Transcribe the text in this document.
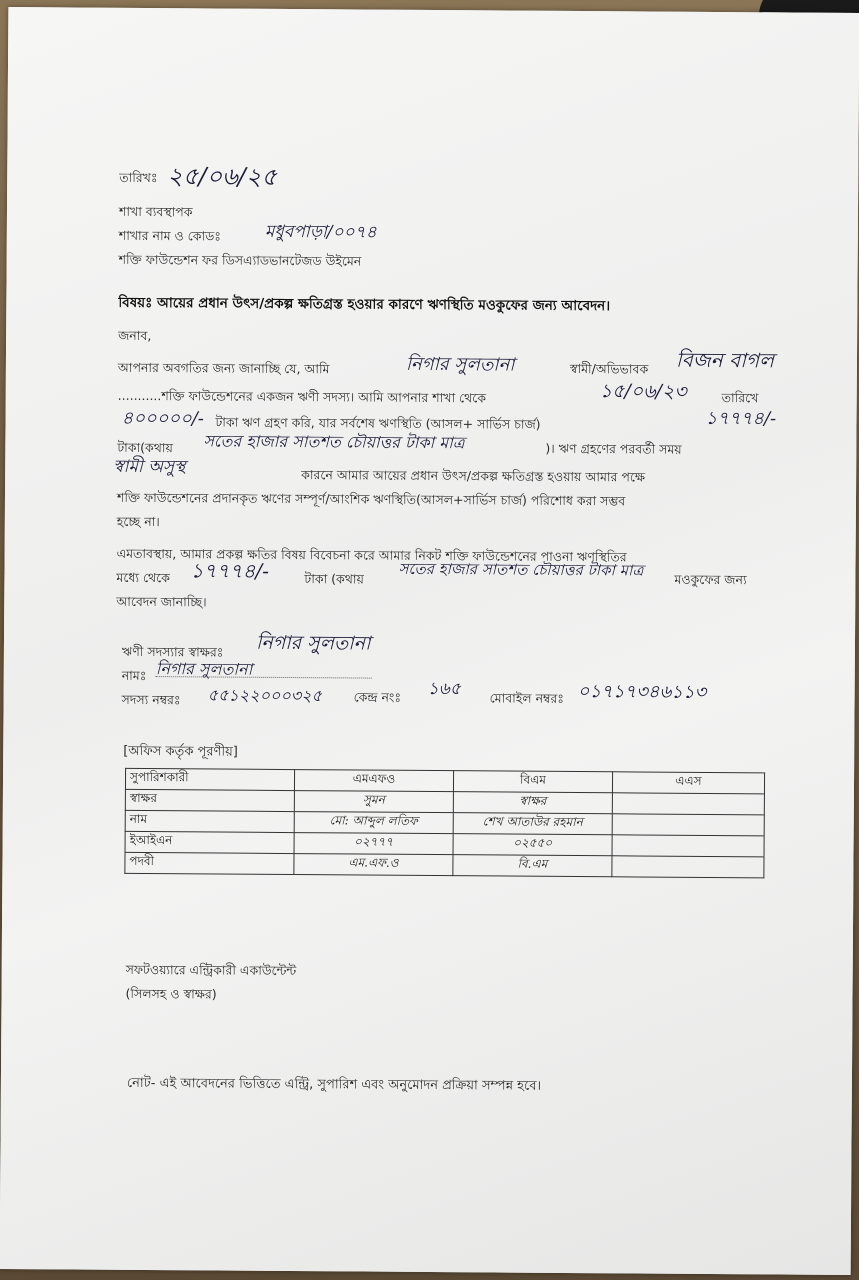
তারিখঃ ২৫/০৬/২৫
শাখা ব্যবস্থাপক
শাখার নাম ও কোডঃ	মধুবপাড়া/০০৭৪
শক্তি ফাউন্ডেশন ফর ডিসএ্যাডভানটেজড উইমেন
বিষয়ঃ আয়ের প্রধান উৎস/প্রকল্প ক্ষতিগ্রস্ত হওয়ার কারণে ঋণস্থিতি মওকুফের জন্য আবেদন।
জনাব,
আপনার অবগতির জন্য জানাচ্ছি যে, আমি	নিগার সুলতানা	স্বামী/অভিভাবক বিজন বাগল
...........শক্তি ফাউন্ডেশনের একজন ঋণী সদস্য। আমি আপনার শাখা থেকে	১৫/০৬/২৩	তারিখে
৪০০০০০/- টাকা ঋণ গ্রহণ করি, যার সর্বশেষ ঋণস্থিতি (আসল+ সার্ভিস চার্জ)	১৭৭৭৪/-
টাকা(কথায় সতের হাজার সাতশত চৌয়াত্তর টাকা মাত্র	)। ঋণ গ্রহণের পরবর্তী সময়
স্বামী অসুস্থ	কারনে আমার আয়ের প্রধান উৎস/প্রকল্প ক্ষতিগ্রস্ত হওয়ায় আমার পক্ষে
শক্তি ফাউন্ডেশনের প্রদানকৃত ঋণের সম্পূর্ণ/আংশিক ঋণস্থিতি(আসল+সার্ভিস চার্জ) পরিশোধ করা সম্ভব
হচ্ছে না।
এমতাবস্থায়, আমার প্রকল্প ক্ষতির বিষয় বিবেচনা করে আমার নিকট শক্তি ফাউন্ডেশনের পাওনা ঋণস্থিতির
মধ্যে থেকে ১৭৭৭৪/-	টাকা (কথায় সতের হাজার সাতশত চৌয়াত্তর টাকা মাত্র মওকুফের জন্য
আবেদন জানাচ্ছি।
ঋণী সদস্যার স্বাক্ষরঃ নিগার সুলতানা
নামঃ নিগার সুলতানা
সদস্য নম্বরঃ ৫৫১২২০০০৩২৫	কেন্দ্র নংঃ ১৬৫ মোবাইল নম্বরঃ ০১৭১৭৩৪৬১১৩
[অফিস কর্তৃক পূরণীয়]
সুপারিশকারী	এমএফও	বিএম	এএস
স্বাক্ষর	সুমন	স্বাক্ষর	
নাম	মো: আব্দুল লতিফ	শেখ আতাউর রহমান	
ইআইএন	০২৭৭৭	০২৫৫০	
পদবী	এম.এফ.ও	বি.এম	
সফটওয়্যারে এন্ট্রিকারী একাউন্টেন্ট
(সিলসহ ও স্বাক্ষর)
নোট- এই আবেদনের ভিত্তিতে এন্ট্রি, সুপারিশ এবং অনুমোদন প্রক্রিয়া সম্পন্ন হবে।
